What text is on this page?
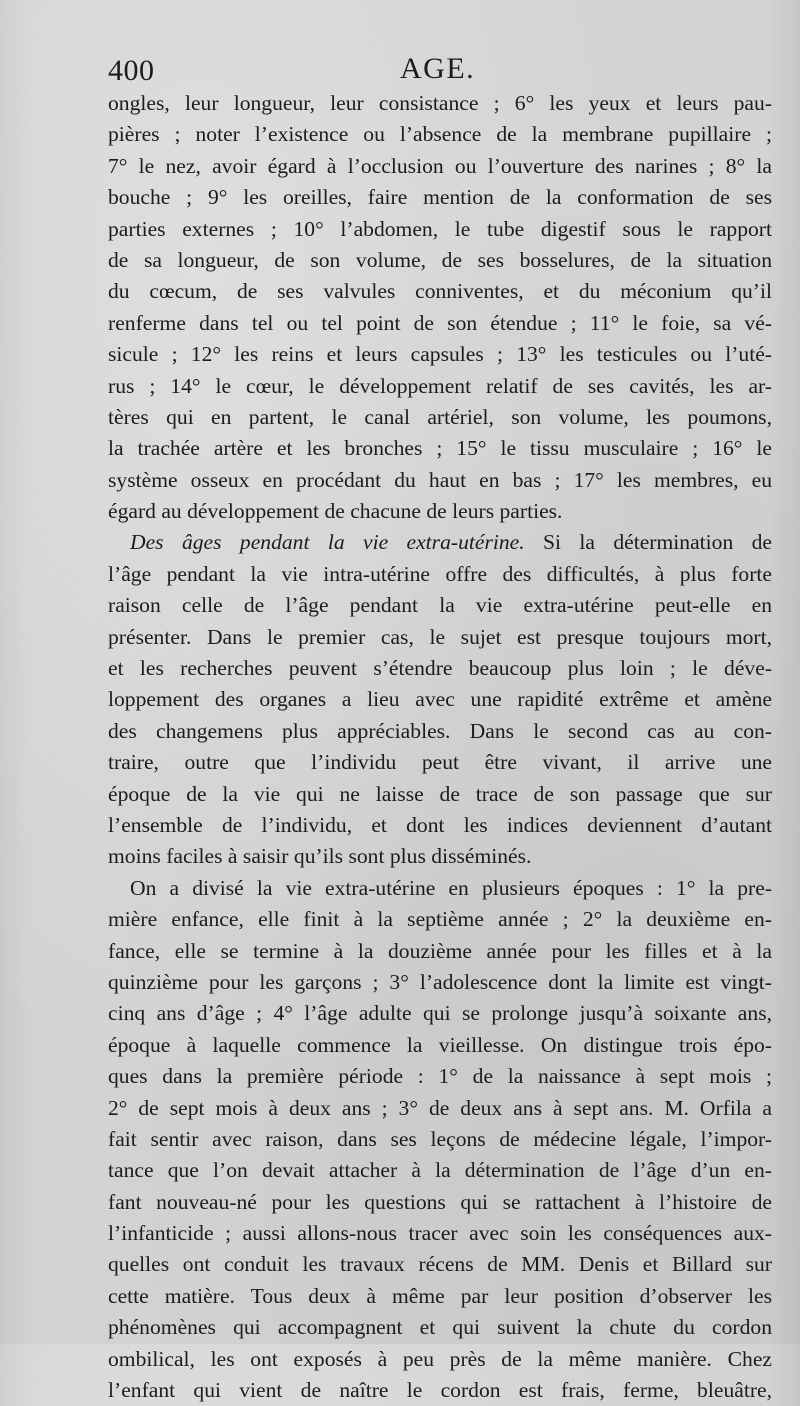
400	AGE.
ongles, leur longueur, leur consistance ; 6° les yeux et leurs pau-
pières ; noter l’existence ou l’absence de la membrane pupillaire ;
7° le nez, avoir égard à l’occlusion ou l’ouverture des narines ; 8° la
bouche ; 9° les oreilles, faire mention de la conformation de ses
parties externes ; 10° l’abdomen, le tube digestif sous le rapport
de sa longueur, de son volume, de ses bosselures, de la situation
du cœcum, de ses valvules conniventes, et du méconium qu’il
renferme dans tel ou tel point de son étendue ; 11° le foie, sa vé-
sicule ; 12° les reins et leurs capsules ; 13° les testicules ou l’uté-
rus ; 14° le cœur, le développement relatif de ses cavités, les ar-
tères qui en partent, le canal artériel, son volume, les poumons,
la trachée artère et les bronches ; 15° le tissu musculaire ; 16° le
système osseux en procédant du haut en bas ; 17° les membres, eu
égard au développement de chacune de leurs parties.
Des âges pendant la vie extra-utérine. Si la détermination de
l’âge pendant la vie intra-utérine offre des difficultés, à plus forte
raison celle de l’âge pendant la vie extra-utérine peut-elle en
présenter. Dans le premier cas, le sujet est presque toujours mort,
et les recherches peuvent s’étendre beaucoup plus loin ; le déve-
loppement des organes a lieu avec une rapidité extrême et amène
des changemens plus appréciables. Dans le second cas au con-
traire, outre que l’individu peut être vivant, il arrive une
époque de la vie qui ne laisse de trace de son passage que sur
l’ensemble de l’individu, et dont les indices deviennent d’autant
moins faciles à saisir qu’ils sont plus disséminés.
On a divisé la vie extra-utérine en plusieurs époques : 1° la pre-
mière enfance, elle finit à la septième année ; 2° la deuxième en-
fance, elle se termine à la douzième année pour les filles et à la
quinzième pour les garçons ; 3° l’adolescence dont la limite est vingt-
cinq ans d’âge ; 4° l’âge adulte qui se prolonge jusqu’à soixante ans,
époque à laquelle commence la vieillesse. On distingue trois épo-
ques dans la première période : 1° de la naissance à sept mois ;
2° de sept mois à deux ans ; 3° de deux ans à sept ans. M. Orfila a
fait sentir avec raison, dans ses leçons de médecine légale, l’impor-
tance que l’on devait attacher à la détermination de l’âge d’un en-
fant nouveau-né pour les questions qui se rattachent à l’histoire de
l’infanticide ; aussi allons-nous tracer avec soin les conséquences aux-
quelles ont conduit les travaux récens de MM. Denis et Billard sur
cette matière. Tous deux à même par leur position d’observer les
phénomènes qui accompagnent et qui suivent la chute du cordon
ombilical, les ont exposés à peu près de la même manière. Chez
l’enfant qui vient de naître le cordon est frais, ferme, bleuâtre,
